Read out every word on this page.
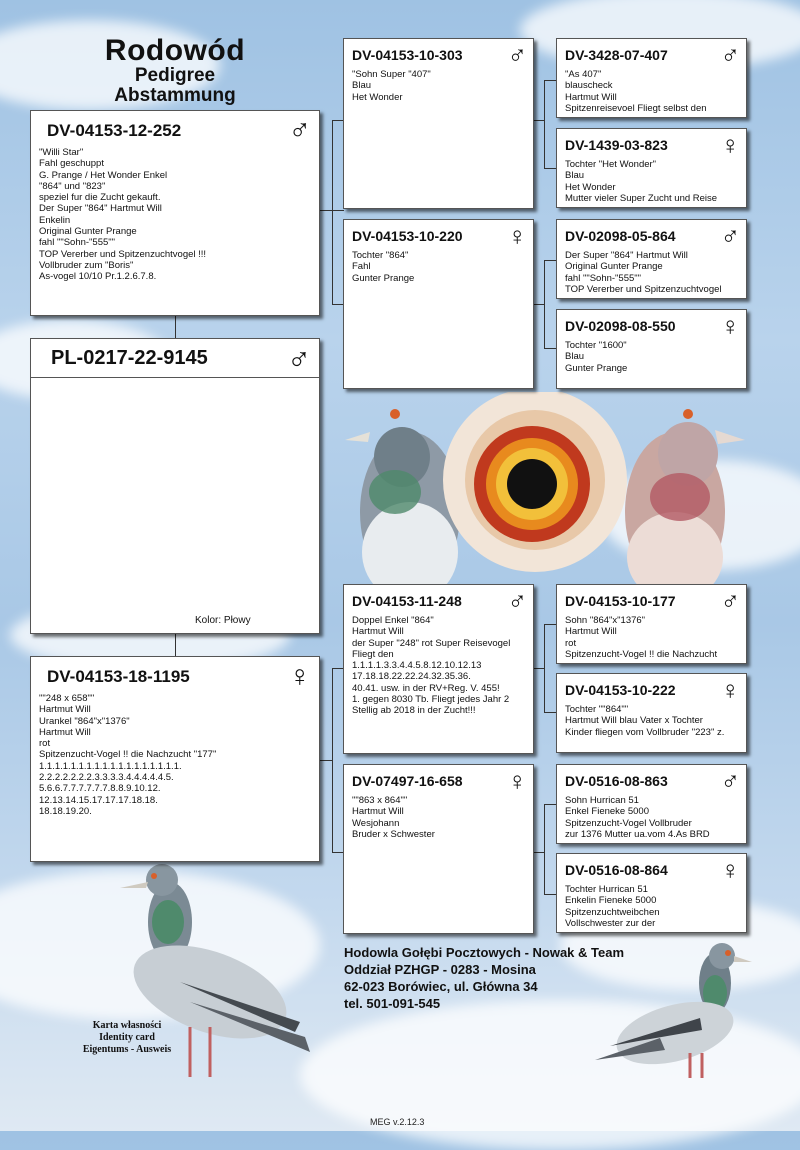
Rodowód
Pedigree
Abstammung
DV-04153-12-252	♂
"Willi Star"
Fahl geschuppt
G. Prange / Het Wonder Enkel
"864" und "823"
speziel fur die Zucht gekauft.
Der Super "864" Hartmut Will
Enkelin
Original Gunter Prange
fahl ""Sohn-"555""
TOP Vererber und Spitzenzuchtvogel !!!
Vollbruder zum "Boris"
As-vogel 10/10 Pr.1.2.6.7.8.
PL-0217-22-9145 ♂
Kolor: Płowy
DV-04153-18-1195	♀
""248 x 658""
Hartmut Will
Urankel "864"x"1376"
Hartmut Will
rot
Spitzenzucht-Vogel !! die Nachzucht "177"
1.1.1.1.1.1.1.1.1.1.1.1.1.1.1.1.1.1.
2.2.2.2.2.2.2.3.3.3.3.4.4.4.4.4.5.
5.6.6.7.7.7.7.7.7.8.8.9.10.12.
12.13.14.15.17.17.17.18.18.
18.18.19.20.
DV-04153-10-303 ♂
"Sohn Super "407"
Blau
Het Wonder
DV-04153-10-220 ♀
Tochter "864"
Fahl
Gunter Prange
DV-04153-11-248 ♂
Doppel Enkel "864"
Hartmut Will
der Super "248" rot Super Reisevogel
Fliegt den
1.1.1.1.3.3.4.4.5.8.12.10.12.13
17.18.18.22.22.24.32.35.36.
40.41. usw. in der RV+Reg. V. 455!
1. gegen 8030 Tb. Fliegt jedes Jahr 2
Stellig ab 2018 in der Zucht!!!
DV-07497-16-658 ♀
""863 x 864""
Hartmut Will
Wesjohann
Bruder x Schwester
DV-3428-07-407 ♂
"As 407"
blauscheck
Hartmut Will
Spitzenreisevoel Fliegt selbst den
DV-1439-03-823 ♀
Tochter "Het Wonder"
Blau
Het Wonder
Mutter vieler Super Zucht und Reise
DV-02098-05-864 ♂
Der Super "864" Hartmut Will
Original Gunter Prange
fahl ""Sohn-"555""
TOP Vererber und Spitzenzuchtvogel
DV-02098-08-550 ♀
Tochter "1600"
Blau
Gunter Prange
DV-04153-10-177 ♂
Sohn "864"x"1376"
Hartmut Will
rot
Spitzenzucht-Vogel !! die Nachzucht
DV-04153-10-222 ♀
Tochter ""864""
Hartmut Will blau Vater x Tochter
Kinder fliegen vom Vollbruder "223" z.
DV-0516-08-863 ♂
Sohn Hurrican 51
Enkel Fieneke 5000
Spitzenzucht-Vogel Vollbruder
zur 1376 Mutter ua.vom 4.As BRD
DV-0516-08-864 ♀
Tochter Hurrican 51
Enkelin Fieneke 5000
Spitzenzuchtweibchen
Vollschwester zur der
Hodowla Gołębi Pocztowych - Nowak & Team
Oddział PZHGP - 0283 - Mosina
62-023 Borówiec, ul. Główna 34
tel. 501-091-545
Karta własności
Identity card
Eigentums - Ausweis
MEG v.2.12.3
